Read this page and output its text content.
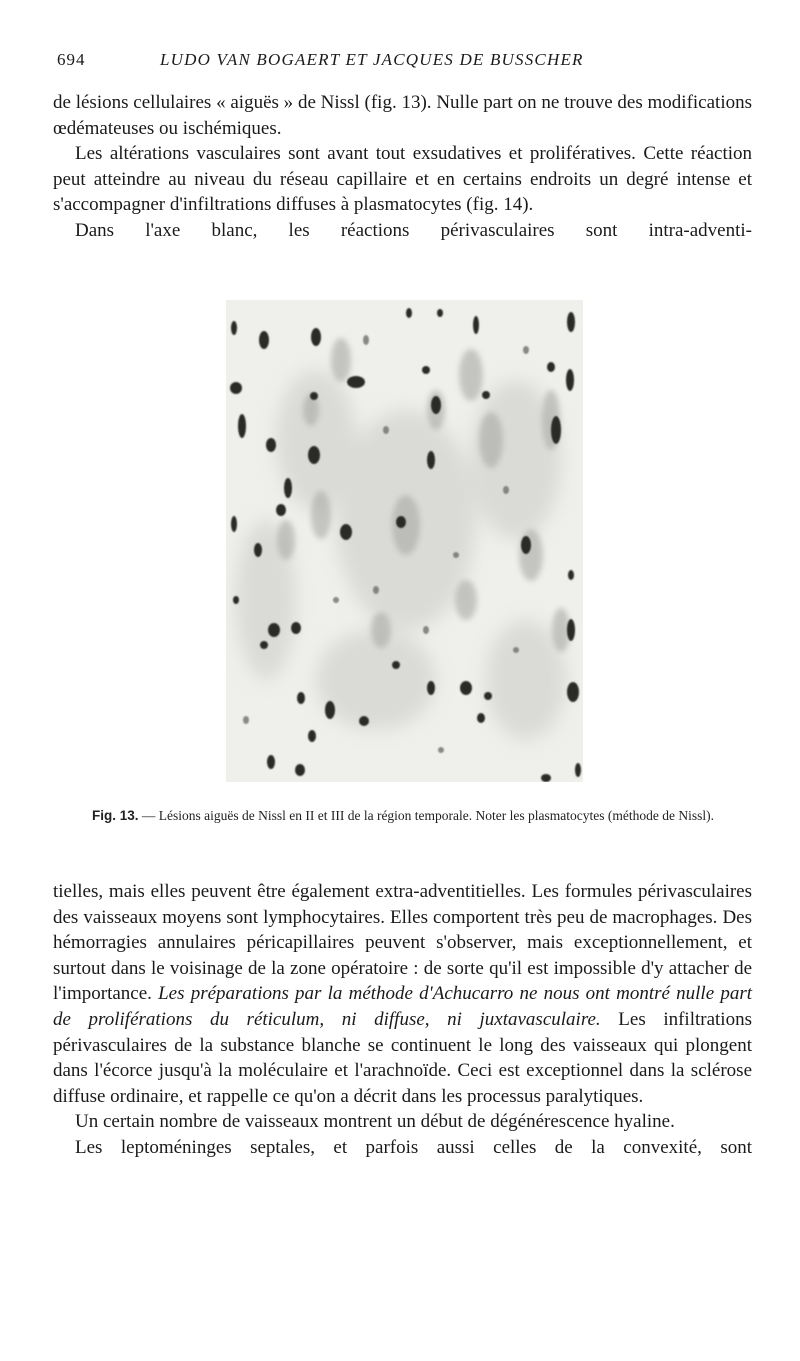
694	LUDO VAN BOGAERT ET JACQUES DE BUSSCHER

de lésions cellulaires « aiguës » de Nissl (fig. 13). Nulle part on ne trouve des modifications œdémateuses ou ischémiques.

Les altérations vasculaires sont avant tout exsudatives et prolifératives. Cette réaction peut atteindre au niveau du réseau capillaire et en certains endroits un degré intense et s'accompagner d'infiltrations diffuses à plasmatocytes (fig. 14).

Dans l'axe blanc, les réactions périvasculaires sont intra-adventi-

Fig. 13. — Lésions aiguës de Nissl en II et III de la région temporale. Noter les plasmatocytes (méthode de Nissl).

tielles, mais elles peuvent être également extra-adventitielles. Les formules périvasculaires des vaisseaux moyens sont lymphocytaires. Elles comportent très peu de macrophages. Des hémorragies annulaires péricapillaires peuvent s'observer, mais exceptionnellement, et surtout dans le voisinage de la zone opératoire : de sorte qu'il est impossible d'y attacher de l'importance. Les préparations par la méthode d'Achucarro ne nous ont montré nulle part de proliférations du réticulum, ni diffuse, ni juxtavasculaire. Les infiltrations périvasculaires de la substance blanche se continuent le long des vaisseaux qui plongent dans l'écorce jusqu'à la moléculaire et l'arachnoïde. Ceci est exceptionnel dans la sclérose diffuse ordinaire, et rappelle ce qu'on a décrit dans les processus paralytiques.

Un certain nombre de vaisseaux montrent un début de dégénérescence hyaline.

Les leptoméninges septales, et parfois aussi celles de la convexité, sont
